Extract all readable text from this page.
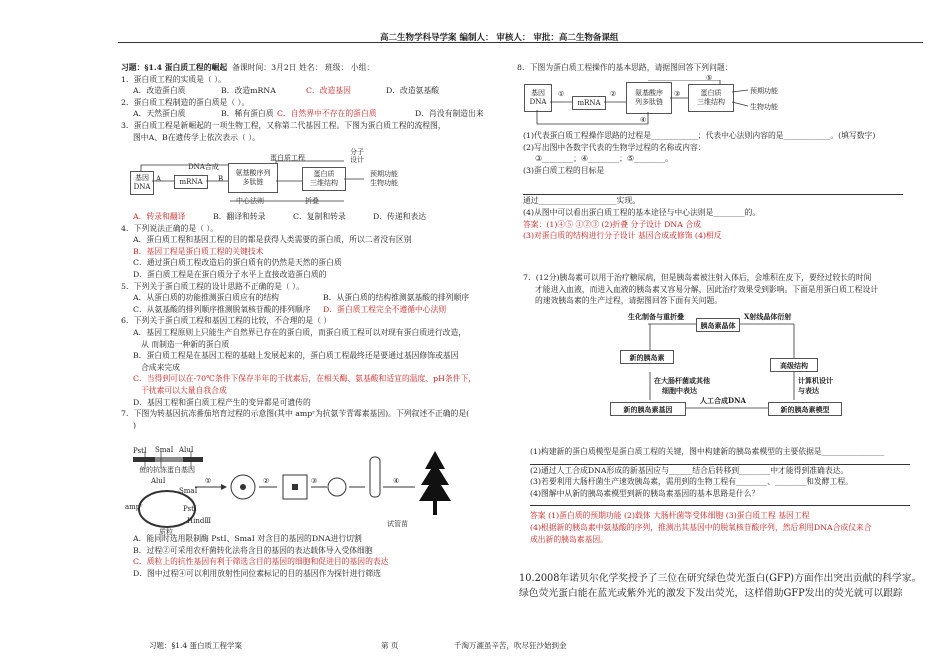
高二生物学科导学案 编制人： 审核人： 审批：高二生物备课组

习题：§1.4 蛋白质工程的崛起 备课时间：3月2日 姓名： 班级： 小组：

1．蛋白质工程的实质是（ ）。

A．改造蛋白质	B．改造mRNA	C．改造基因	D．改造氨基酸

2．蛋白质工程制造的蛋白质是（ ）。

A．天然蛋白质	B．稀有蛋白质 C．自然界中不存在的蛋白质	D．肖没有制造出来

3．蛋白质工程是新崛起的一项生物工程，又称第二代基因工程。下图为蛋白质工程的流程图，

图中A、B在遗传学上依次表示（ ）。

蛋白质工程
分子
设计
DNA合成
基因
DNA
A	mRNA	B
氨基酸序列
多肽链
蛋白质
三维结构
预期功能
生物功能
中心法则	折叠

A．转录和翻译	B．翻译和转录	C．复制和转录	D．传递和表达

4．下列说法正确的是（ ）。

A．蛋白质工程和基因工程的目的都是获得人类需要的蛋白质，所以二者没有区别

B．基因工程是蛋白质工程的关键技术

C．通过蛋白质工程改造后的蛋白质有的仍然是天然的蛋白质

D．蛋白质工程是在蛋白质分子水平上直接改造蛋白质的

5．下列关于蛋白质工程的设计思路不正确的是（ ）。

A．从蛋白质的功能推测蛋白质应有的结构	B．从蛋白质的结构推测氨基酸的排列顺序

C．从氨基酸的排列顺序推测脱氧核苷酸的排列顺序 D．蛋白质工程完全不遵循中心法则

6．下列关于蛋白质工程和基因工程的比较，不合理的是（ ）

A．基因工程原则上只能生产自然界已存在的蛋白质，而蛋白质工程可以对现有蛋白质进行改造，

从 而制造一种新的蛋白质

B．蛋白质工程是在基因工程的基础上发展起来的，蛋白质工程最终还是要通过基因修饰或基因

合成来完成

C．当得到可以在-70℃条件下保存半年的干扰素后，在相关酶、氨基酸和适宜的温度、pH条件下，

干扰素可以大量自我合成

D．基因工程和蛋白质工程产生的变异都是可遗传的

7．下图为转基因抗冻番茄培育过程的示意图(其中 ampʳ为抗氨苄青霉素基因)。下列叙述不正确的是(

)

PstⅠ SmaⅠ AluⅠ
鱼的抗冻蛋白基因
AluⅠ
SmaⅠ
ampʳ	PstⅠ
HindⅢ
质粒
①	②	③	④
试管苗

A．能同时选用限制酶 PstⅠ、SmaⅠ 对含目的基因的DNA进行切割

B．过程②可采用农杆菌转化法将含目的基因的表达载体导入受体细胞

C．质粒上的抗性基因有利于筛选含目的基因的细胞和促进目的基因的表达

D．图中过程④可以利用放射性同位素标记的目的基因作为探针进行筛选

8．下图为蛋白质工程操作的基本思路，请据图回答下列问题：

基因
DNA	mRNA
氨基酸序
列多肽链
蛋白质
三维结构
预期功能
生物功能
①	②	③
④
⑤

(1)代表蛋白质工程操作思路的过程是____________；代表中心法则内容的是____________。(填写数字)

(2)写出图中各数字代表的生物学过程的名称或内容：

③________；④________；⑤________。

(3)蛋白质工程的目标是

通过____________________实现。

(4)从图中可以看出蛋白质工程的基本途径与中心法则是________的。

答案：(1)④⑤ ①②③ (2)折叠 分子设计 DNA 合成

(3)对蛋白质的结构进行分子设计 基因合成或修饰 (4)相反

7．(12分)胰岛素可以用于治疗糖尿病，但是胰岛素被注射入体后，会堆积在皮下，要经过较长的时间

才能进入血液，而进入血液的胰岛素又容易分解，因此治疗效果受到影响。下面是用蛋白质工程设计

的速效胰岛素的生产过程，请据图回答下面有关问题。

生化制备与重折叠	X射线晶体衍射
胰岛素晶体
新的胰岛素
高级结构
在大肠杆菌或其他
细胞中表达
计算机设计
与表达
人工合成DNA
新的胰岛素基因	新的胰岛素模型

(1)构建新的蛋白质模型是蛋白质工程的关键，图中构建新的胰岛素模型的主要依据是________________

(2)通过人工合成DNA形成的新基因应与______结合后转移到________中才能得到准确表达。

(3)若要利用大肠杆菌生产速效胰岛素，需用到的生物工程有________、________和发酵工程。

(4)图解中从新的胰岛素模型到新的胰岛素基因的基本思路是什么？

答案 (1)蛋白质的预期功能 (2)载体 大肠杆菌等受体细胞 (3)蛋白质工程 基因工程

(4)根据新的胰岛素中氨基酸的序列，推测出其基因中的脱氧核苷酸序列，然后利用DNA合成仪来合

成出新的胰岛素基因。

10.2008年诺贝尔化学奖授予了三位在研究绿色荧光蛋白(GFP)方面作出突出贡献的科学家。

绿色荧光蛋白能在蓝光或紫外光的激发下发出荧光，这样借助GFP发出的荧光就可以跟踪

习题：§1.4 蛋白质工程学案	第 页	千淘万漉虽辛苦，吹尽狂沙始到金
